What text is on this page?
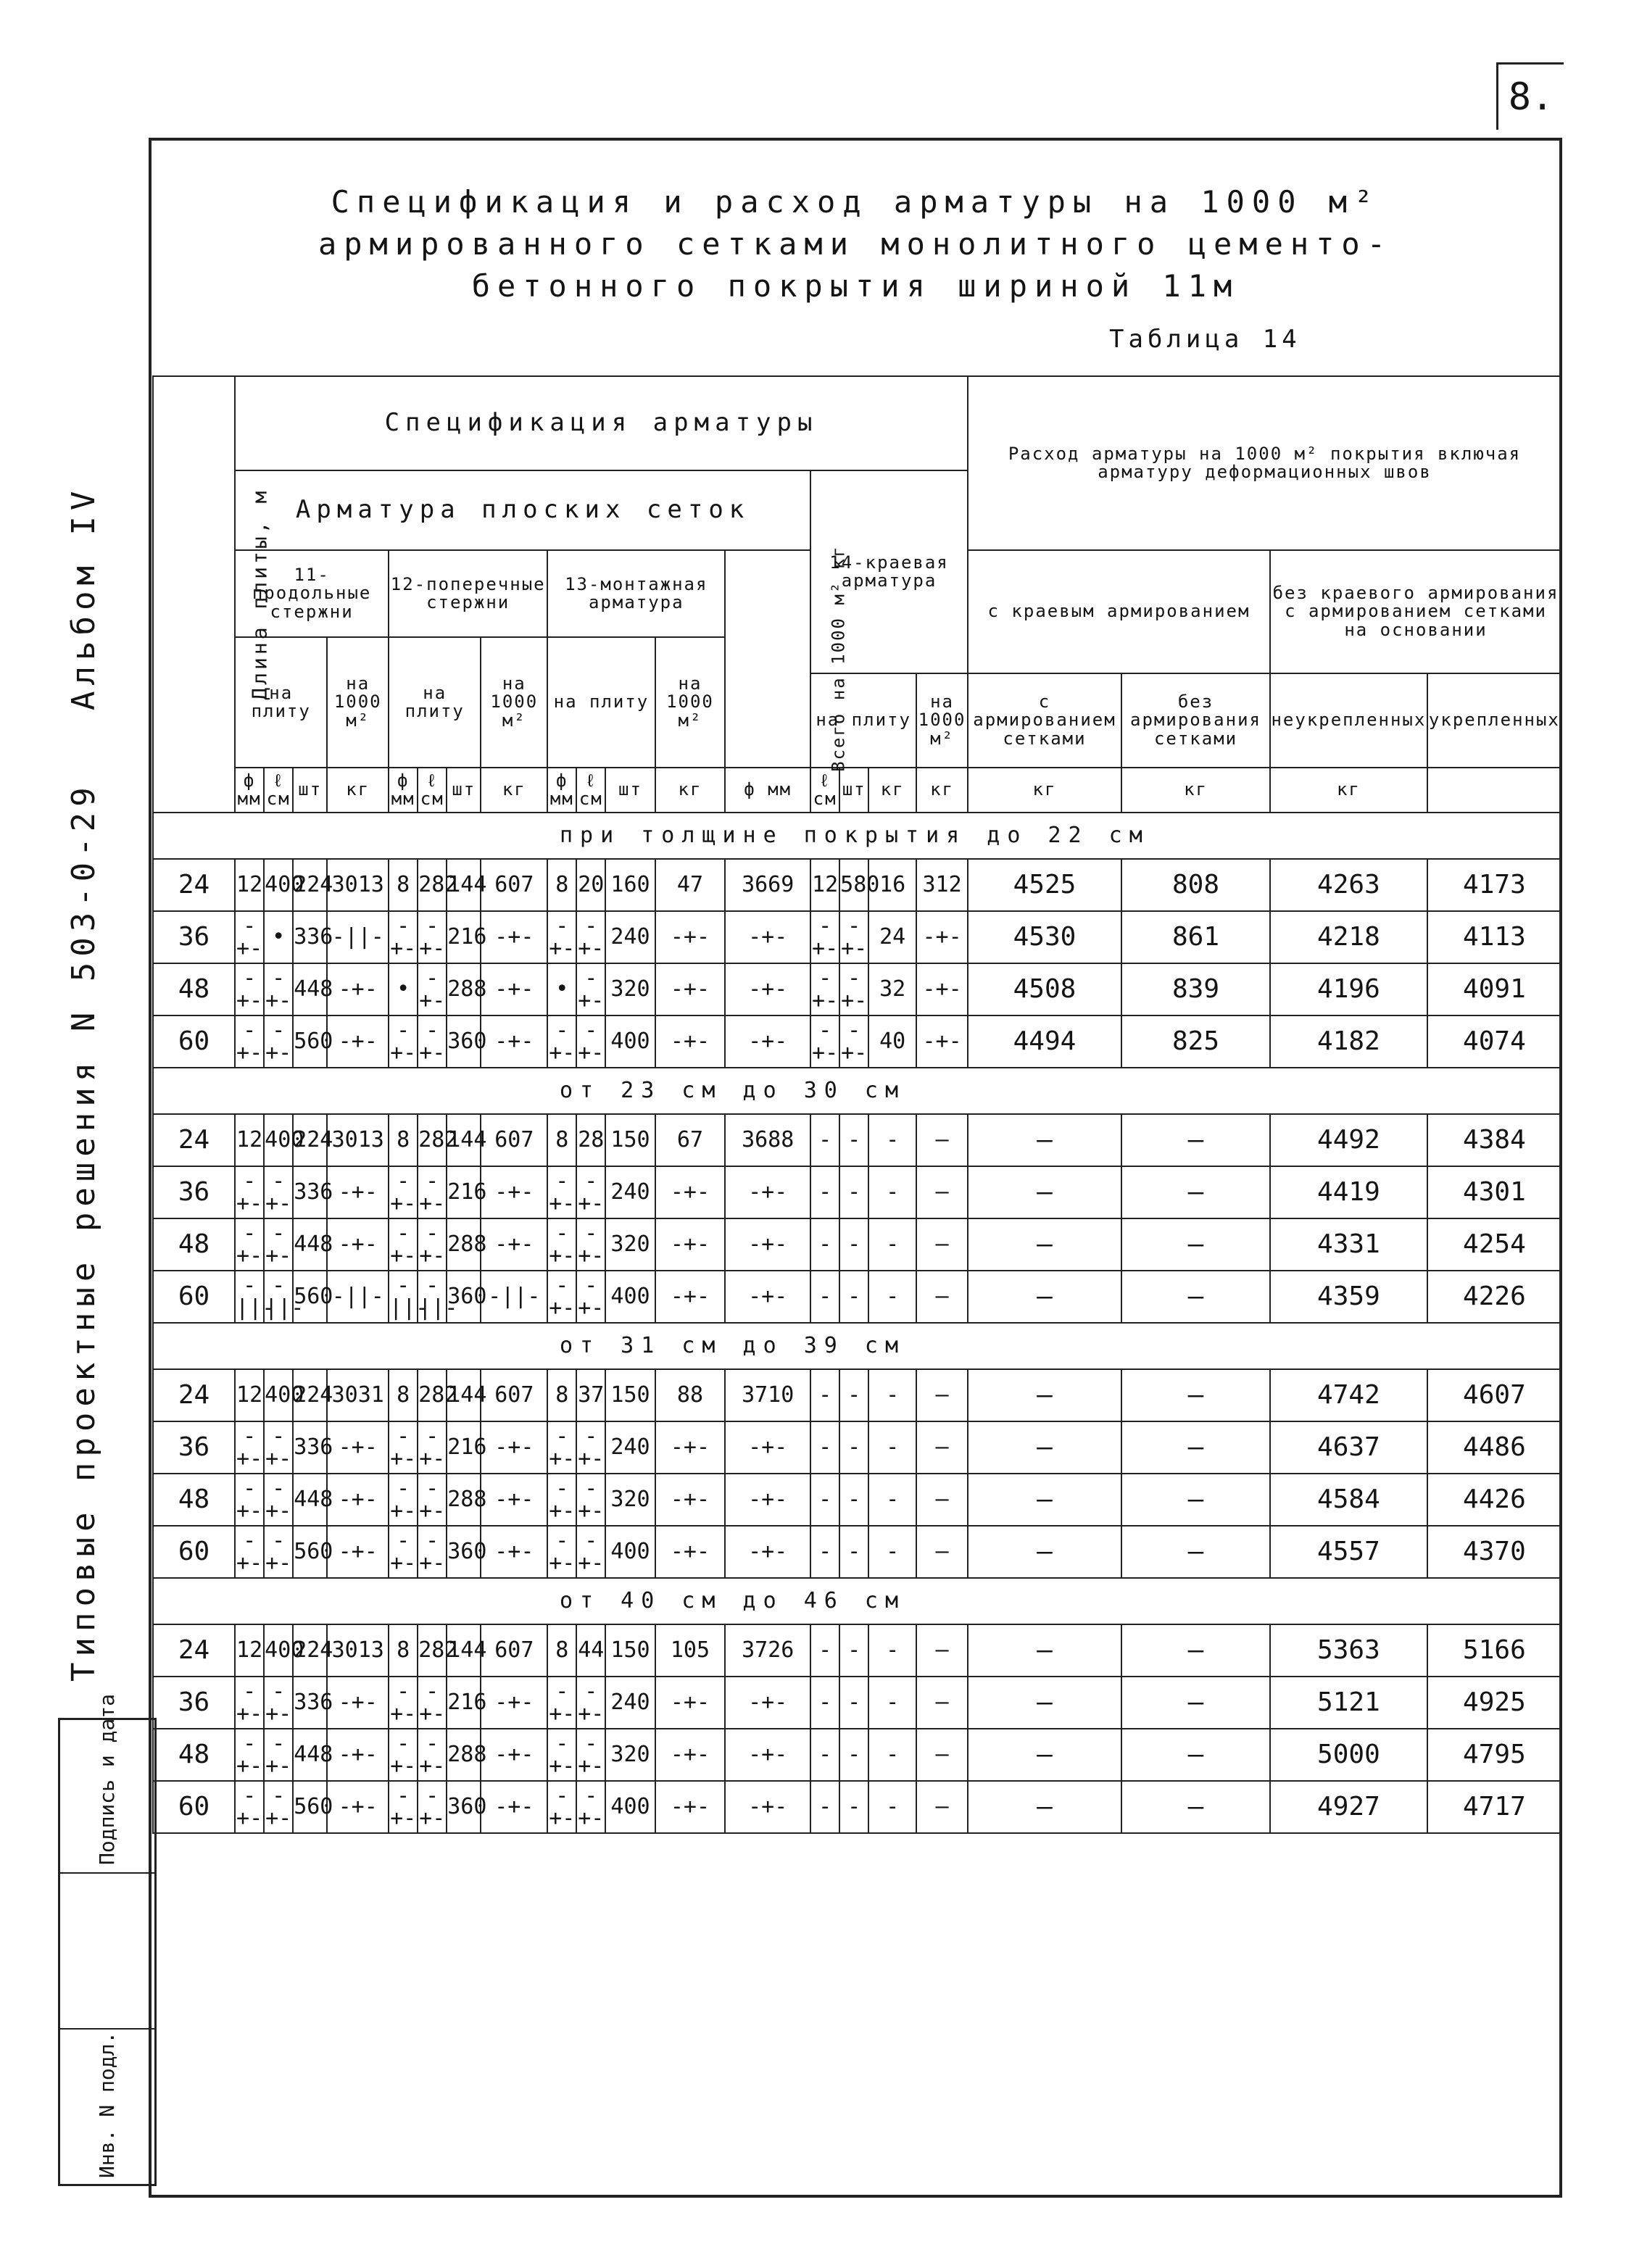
8.
Альбом IV
Типовые проектные решения N 503-0-29
Подпись и дата
Инв. N подл.
Спецификация и расход арматуры на 1000 м²
армированного сетками монолитного цементо-
бетонного покрытия шириной 11м
Таблица 14
Длина плиты, м	Спецификация арматуры																	Расход арматуры на 1000 м² покрытия включая арматуру деформационных швов			
	Арматура плоских сеток													14-краевая арматура							
	11-продольные стержни				12-поперечные стержни				13-монтажная арматура				Всего на 1000 м² кг					с краевым армированием		без краевого армирования с армированием сетками на основании	
	на плиту			на 1000 м²	на плиту			на 1000 м²	на плиту			на 1000 м²									
														на плиту			на 1000 м²	с армированием сетками	без армирования сетками	неукрепленных	укрепленных
	ф мм	ℓ см	шт	кг	ф мм	ℓ см	шт	кг	ф мм	ℓ см	шт	кг	ф мм	ℓ см	шт	кг	кг	кг	кг	кг	
при толщине покрытия до 22 см																					
24	12	400	224	3013	8	282	144	607	8	20	160	47	3669	12	580	16	312	4525	808	4263	4173
36	-+-	•	336	-||-	-+-	-+-	216	-+-	-+-	-+-	240	-+-	-+-	-+-	-+-	24	-+-	4530	861	4218	4113
48	-+-	-+-	448	-+-	•	-+-	288	-+-	•	-+-	320	-+-	-+-	-+-	-+-	32	-+-	4508	839	4196	4091
60	-+-	-+-	560	-+-	-+-	-+-	360	-+-	-+-	-+-	400	-+-	-+-	-+-	-+-	40	-+-	4494	825	4182	4074
от 23 см до 30 см																					
24	12	400	224	3013	8	282	144	607	8	28	150	67	3688	-	-	-	—	—	—	4492	4384
36	-+-	-+-	336	-+-	-+-	-+-	216	-+-	-+-	-+-	240	-+-	-+-	-	-	-	—	—	—	4419	4301
48	-+-	-+-	448	-+-	-+-	-+-	288	-+-	-+-	-+-	320	-+-	-+-	-	-	-	—	—	—	4331	4254
60	-||-	-||-	560	-||-	-||-	-||-	360	-||-	-+-	-+-	400	-+-	-+-	-	-	-	—	—	—	4359	4226
от 31 см до 39 см																					
24	12	400	224	3031	8	282	144	607	8	37	150	88	3710	-	-	-	—	—	—	4742	4607
36	-+-	-+-	336	-+-	-+-	-+-	216	-+-	-+-	-+-	240	-+-	-+-	-	-	-	—	—	—	4637	4486
48	-+-	-+-	448	-+-	-+-	-+-	288	-+-	-+-	-+-	320	-+-	-+-	-	-	-	—	—	—	4584	4426
60	-+-	-+-	560	-+-	-+-	-+-	360	-+-	-+-	-+-	400	-+-	-+-	-	-	-	—	—	—	4557	4370
от 40 см до 46 см																					
24	12	400	224	3013	8	282	144	607	8	44	150	105	3726	-	-	-	—	—	—	5363	5166
36	-+-	-+-	336	-+-	-+-	-+-	216	-+-	-+-	-+-	240	-+-	-+-	-	-	-	—	—	—	5121	4925
48	-+-	-+-	448	-+-	-+-	-+-	288	-+-	-+-	-+-	320	-+-	-+-	-	-	-	—	—	—	5000	4795
60	-+-	-+-	560	-+-	-+-	-+-	360	-+-	-+-	-+-	400	-+-	-+-	-	-	-	—	—	—	4927	4717
